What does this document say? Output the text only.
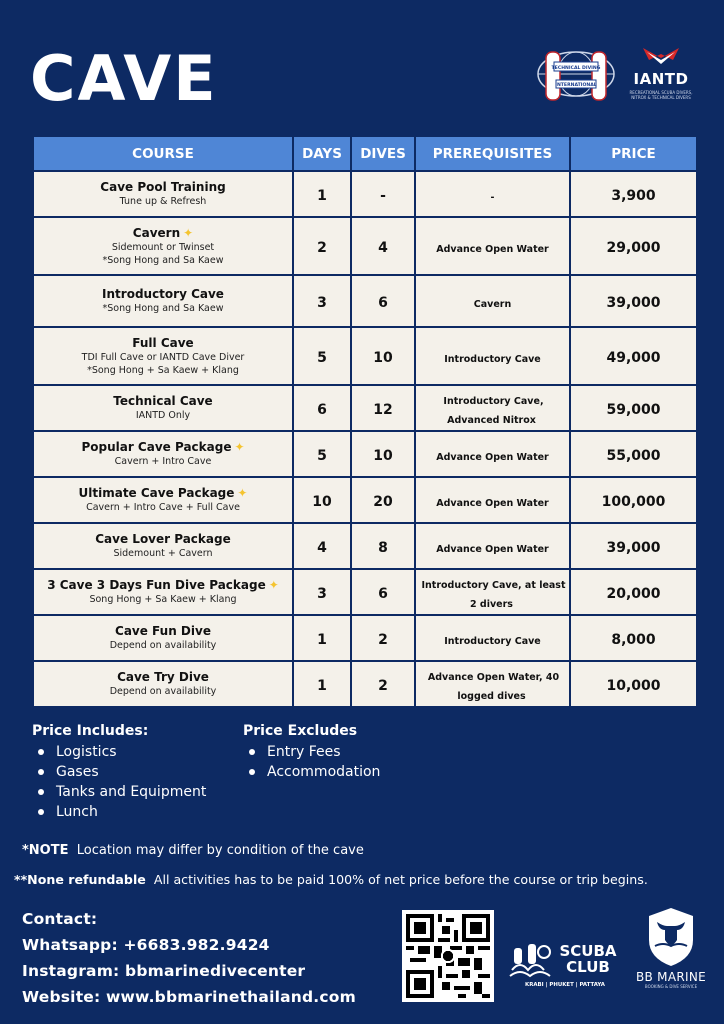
CAVE	TECHNICAL DIVING
INTERNATIONAL IANTD
RECREATIONAL SCUBA DIVERS, NITROX & TECHNICAL DIVERS
COURSE	DAYS	DIVES	PREREQUISITES	PRICE

Cave Pool Training
Tune up & Refresh	1	-	-	3,900

Cavern ✦
Sidemount or Twinset
*Song Hong and Sa Kaew	2	4	Advance Open Water	29,000

Introductory Cave
*Song Hong and Sa Kaew	3	6	Cavern	39,000

Full Cave
TDI Full Cave or IANTD Cave Diver
*Song Hong + Sa Kaew + Klang	5	10	Introductory Cave	49,000

Technical Cave
IANTD Only	6	12	Introductory Cave, Advanced Nitrox	59,000

Popular Cave Package ✦
Cavern + Intro Cave	5	10	Advance Open Water	55,000

Ultimate Cave Package ✦
Cavern + Intro Cave + Full Cave	10	20	Advance Open Water	100,000

Cave Lover Package
Sidemount + Cavern	4	8	Advance Open Water	39,000

3 Cave 3 Days Fun Dive Package ✦
Song Hong + Sa Kaew + Klang	3	6	Introductory Cave, at least 2 divers	20,000

Cave Fun Dive
Depend on availability	1	2	Introductory Cave	8,000

Cave Try Dive
Depend on availability	1	2	Advance Open Water, 40 logged dives	10,000
Price Includes:
Logistics
Gases
Tanks and Equipment
Lunch
Price Excludes
Entry Fees
Accommodation
*NOTE Location may differ by condition of the cave
**None refundable All activities has to be paid 100% of net price before the course or trip begins.
Contact:
Whatsapp: +6683.982.9424
Instagram: bbmarinedivecenter
Website: www.bbmarinethailand.com
SCUBA
CLUB
KRABI | PHUKET | PATTAYA
BB MARINE
BOOKING & DIVE SERVICE
